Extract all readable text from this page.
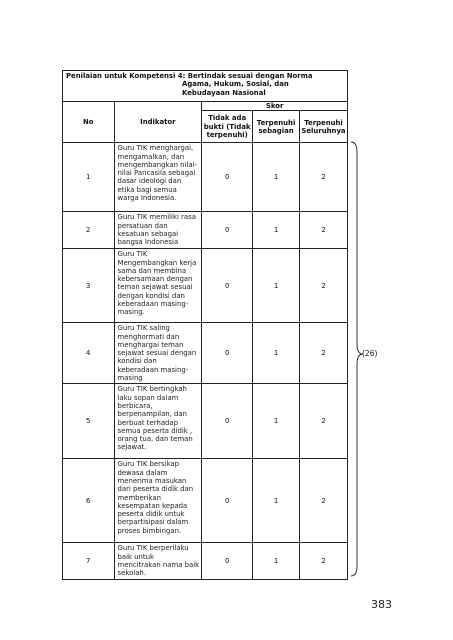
Penilaian untuk Kompetensi 4: Bertindak sesuai dengan Norma
Agama, Hukum, Sosial, dan
Kebudayaan Nasional				

No	Indikator	Skor		
		Tidak ada bukti (Tidak terpenuhi)	Terpenuhi sebagian	Terpenuhi Seluruhnya
1	Guru TIK menghargai, mengamalkan, dan mengembangkan nilai-nilai Pancasila sebagai dasar ideologi dan etika bagi semua warga Indonesia.	0	1	2
2	Guru TIK memiliki rasa persatuan dan kesatuan sebagai bangsa Indonesia	0	1	2
3	Guru TIK Mengembangkan kerja sama dan membina kebersamaan dengan teman sejawat sesuai dengan kondisi dan keberadaan masing-masing.	0	1	2
4	Guru TIK saling menghormati dan menghargai teman sejawat sesuai dengan kondisi dan keberadaan masing-masing	0	1	2
5	Guru TIK bertingkah laku sopan dalam berbicara, berpenampilan, dan berbuat terhadap semua peserta didik , orang tua, dan teman sejawat.	0	1	2
6	Guru TIK bersikap dewasa dalam menerima masukan dari peserta didik dan memberikan kesempatan kepada peserta didik untuk berpartisipasi dalam proses bimbingan.	0	1	2
7	Guru TIK berperilaku baik untuk mencitrakan nama baik sekolah.	0	1	2
(26)
383
